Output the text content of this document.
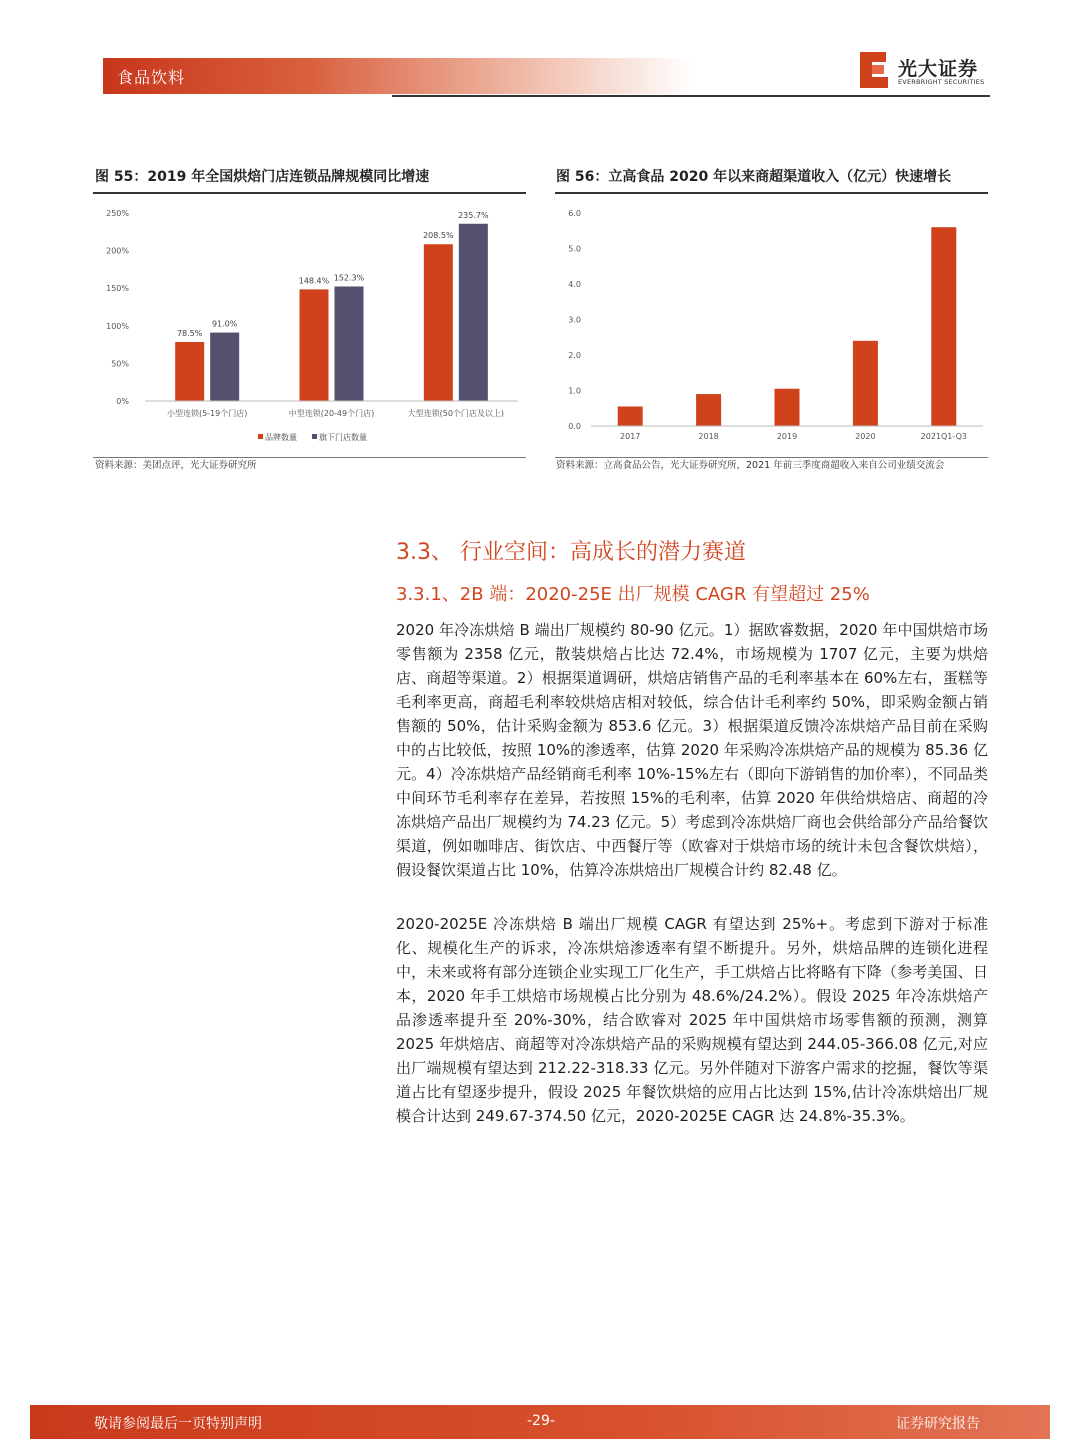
食品饮料	光大证券
EVERBRIGHT SECURITIES
图 55：2019 年全国烘焙门店连锁品牌规模同比增速
78.5%
91.0%
148.4% 152.3%
208.5%
235.7%
0%
50%
100%
150%
200%
250%
小型连锁(5-19个门店)	中型连锁(20-49个门店)	大型连锁(50个门店及以上)
品牌数量	旗下门店数量
资料来源：美团点评，光大证券研究所
图 56：立高食品 2020 年以来商超渠道收入（亿元）快速增长
0.0
1.0
2.0
3.0
4.0
5.0
6.0
2017	2018	2019	2020	2021Q1-Q3
资料来源：立高食品公告，光大证券研究所，2021 年前三季度商超收入来自公司业绩交流会
3.3、 行业空间：高成长的潜力赛道
3.3.1、2B 端：2020-25E 出厂规模 CAGR 有望超过 25%

2020 年冷冻烘焙 B 端出厂规模约 80-90 亿元。1）据欧睿数据，2020 年中国烘焙市场零售额为 2358 亿元，散装烘焙占比达 72.4%，市场规模为 1707 亿元，主要为烘焙店、商超等渠道。2）根据渠道调研，烘焙店销售产品的毛利率基本在 60%左右，蛋糕等毛利率更高，商超毛利率较烘焙店相对较低，综合估计毛利率约 50%，即采购金额占销售额的 50%，估计采购金额为 853.6 亿元。3）根据渠道反馈冷冻烘焙产品目前在采购中的占比较低，按照 10%的渗透率，估算 2020 年采购冷冻烘焙产品的规模为 85.36 亿元。4）冷冻烘焙产品经销商毛利率 10%-15%左右（即向下游销售的加价率），不同品类中间环节毛利率存在差异，若按照 15%的毛利率，估算 2020 年供给烘焙店、商超的冷冻烘焙产品出厂规模约为 74.23 亿元。5）考虑到冷冻烘焙厂商也会供给部分产品给餐饮渠道，例如咖啡店、街饮店、中西餐厅等（欧睿对于烘焙市场的统计未包含餐饮烘焙），假设餐饮渠道占比 10%，估算冷冻烘焙出厂规模合计约 82.48 亿。

2020-2025E 冷冻烘焙 B 端出厂规模 CAGR 有望达到 25%+。考虑到下游对于标准化、规模化生产的诉求，冷冻烘焙渗透率有望不断提升。另外，烘焙品牌的连锁化进程中，未来或将有部分连锁企业实现工厂化生产，手工烘焙占比将略有下降（参考美国、日本，2020 年手工烘焙市场规模占比分别为 48.6%/24.2%）。假设 2025 年冷冻烘焙产品渗透率提升至 20%-30%，结合欧睿对 2025 年中国烘焙市场零售额的预测，测算 2025 年烘焙店、商超等对冷冻烘焙产品的采购规模有望达到 244.05-366.08 亿元,对应出厂端规模有望达到 212.22-318.33 亿元。另外伴随对下游客户需求的挖掘，餐饮等渠道占比有望逐步提升，假设 2025 年餐饮烘焙的应用占比达到 15%,估计冷冻烘焙出厂规模合计达到 249.67-374.50 亿元，2020-2025E CAGR 达 24.8%-35.3%。

敬请参阅最后一页特别声明	-29-	证券研究报告
